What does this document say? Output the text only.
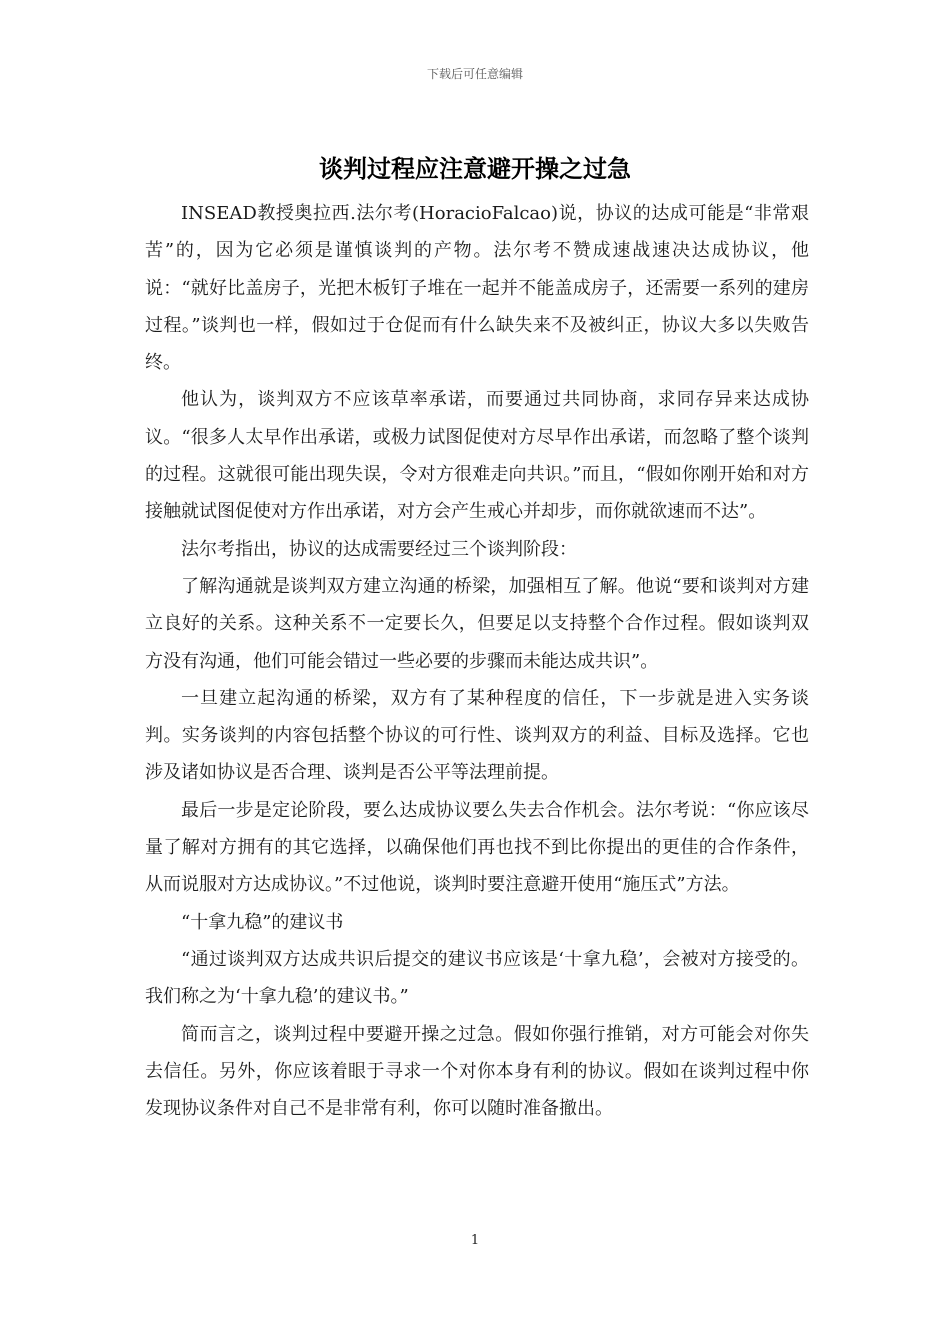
下载后可任意编辑
谈判过程应注意避开操之过急

INSEAD教授奥拉西.法尔考(HoracioFalcao)说，协议的达成可能是“非常艰苦”的，因为它必须是谨慎谈判的产物。法尔考不赞成速战速决达成协议，他说：“就好比盖房子，光把木板钉子堆在一起并不能盖成房子，还需要一系列的建房过程。”谈判也一样，假如过于仓促而有什么缺失来不及被纠正，协议大多以失败告终。

他认为，谈判双方不应该草率承诺，而要通过共同协商，求同存异来达成协议。“很多人太早作出承诺，或极力试图促使对方尽早作出承诺，而忽略了整个谈判的过程。这就很可能出现失误，令对方很难走向共识。”而且，“假如你刚开始和对方接触就试图促使对方作出承诺，对方会产生戒心并却步，而你就欲速而不达”。

法尔考指出，协议的达成需要经过三个谈判阶段：

了解沟通就是谈判双方建立沟通的桥梁，加强相互了解。他说“要和谈判对方建立良好的关系。这种关系不一定要长久，但要足以支持整个合作过程。假如谈判双方没有沟通，他们可能会错过一些必要的步骤而未能达成共识”。

一旦建立起沟通的桥梁，双方有了某种程度的信任，下一步就是进入实务谈判。实务谈判的内容包括整个协议的可行性、谈判双方的利益、目标及选择。它也涉及诸如协议是否合理、谈判是否公平等法理前提。

最后一步是定论阶段，要么达成协议要么失去合作机会。法尔考说：“你应该尽量了解对方拥有的其它选择，以确保他们再也找不到比你提出的更佳的合作条件，从而说服对方达成协议。”不过他说，谈判时要注意避开使用“施压式”方法。

“十拿九稳”的建议书

“通过谈判双方达成共识后提交的建议书应该是‘十拿九稳’，会被对方接受的。我们称之为‘十拿九稳’的建议书。”

简而言之，谈判过程中要避开操之过急。假如你强行推销，对方可能会对你失去信任。另外，你应该着眼于寻求一个对你本身有利的协议。假如在谈判过程中你发现协议条件对自己不是非常有利，你可以随时准备撤出。

1
